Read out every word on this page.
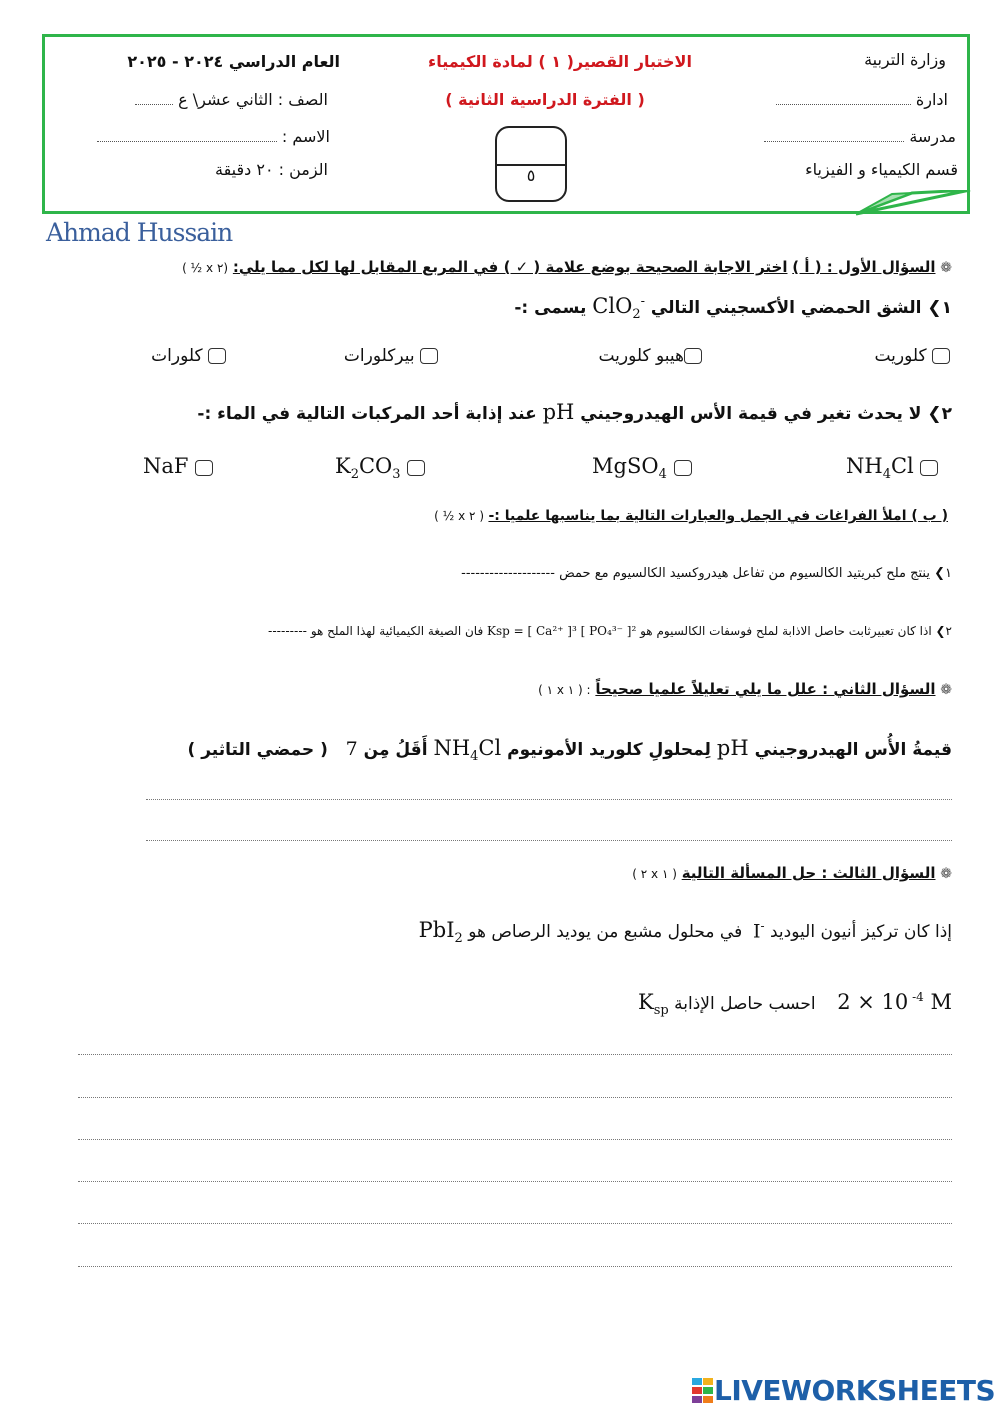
وزارة التربية
ادارة
مدرسة
قسم الكيمياء و الفيزياء
الاختبار القصير( ١ ) لمادة الكيمياء
( الفترة الدراسية الثانية )
٥
العام الدراسي ٢٠٢٤ - ٢٠٢٥
الصف : الثاني عشر\ ع
الاسم :
الزمن : ٢٠ دقيقة
Ahmad Hussain
❁ السؤال الأول : ( أ ) اختر الاجابة الصحيحة بوضع علامة ( ✓ ) في المربع المقابل لها لكل مما يلي: (٢ x ½ )
١❯ الشق الحمضي الأكسجيني التالي ClO$_2$- يسمى :-
كلوريت
هيبو كلوريت
بيركلورات
كلورات
٢❯ لا يحدث تغير في قيمة الأس الهيدروجيني pH عند إذابة أحد المركبات التالية في الماء :-
$NH_4Cl$
MgSO$_4$
$K_2CO_3$
NaF
( ب ) املأ الفراغات في الجمل والعبارات التالية بما يناسبها علميا :- ( ٢ x ½ )
١❯ ينتج ملح كبريتيد الكالسيوم من تفاعل هيدروكسيد الكالسيوم مع حمض --------------------
٢❯ اذا كان تعبيرثابت حاصل الاذابة لملح فوسفات الكالسيوم هو Ksp = [ Ca²⁺ ]³ [ PO₄³⁻ ]² فان الصيغة الكيميائية لهذا الملح هو ---------
❁ السؤال الثاني : علل ما يلي تعليلاً علميا صحيحاً : ( ١ x ١ )
قيمةُ الأُس الهيدروجيني pH لِمحلولِ كلوريد الأمونيوم $NH_4Cl$ أَقَلُ مِن 7   ( حمضي التاثير )
❁ السؤال الثالث : حل المسألة التالية ( ١ x ٢ )
إذا كان تركيز أنيون اليوديد I-  في محلول مشبع من يوديد الرصاص هو PbI$_2$
2 × 10 $^{-4}$ M    احسب حاصل الإذابة $K_{sp}$
LIVEWORKSHEETS
